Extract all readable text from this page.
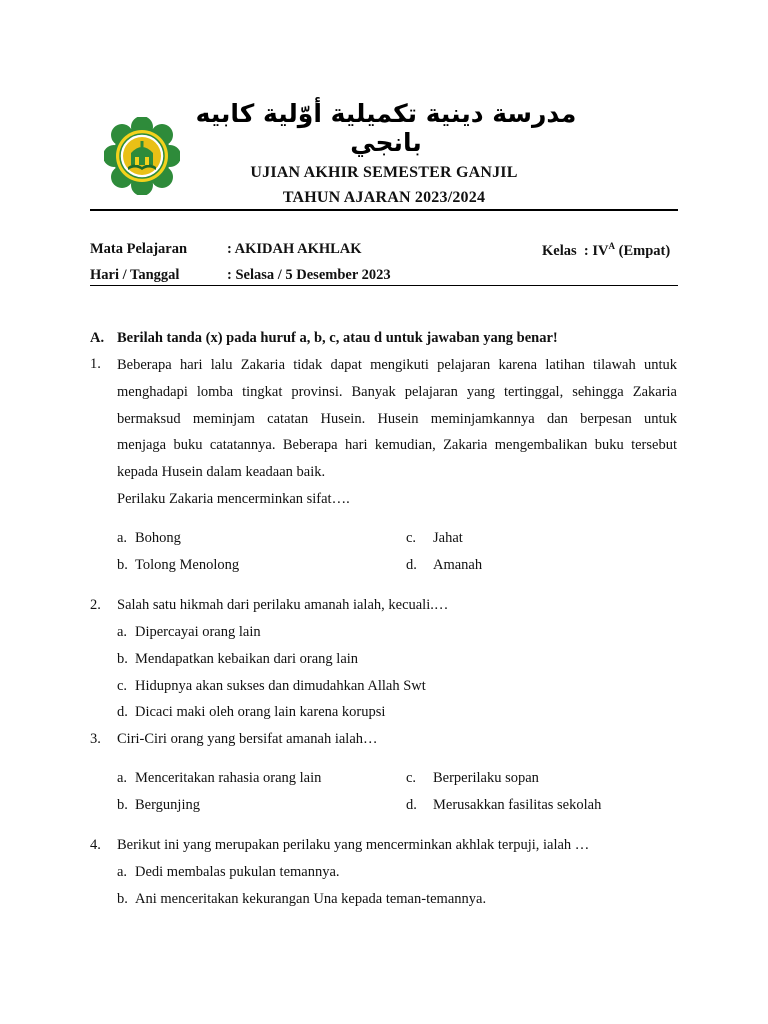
مدرسة دينية تكميلية أوّلية كابيه بانجي
UJIAN AKHIR SEMESTER GANJIL
TAHUN AJARAN 2023/2024
Mata Pelajaran	: AKIDAH AKHLAK	Kelas : $IV^A$ (Empat)
Hari / Tanggal	: Selasa / 5 Desember 2023
A. Berilah tanda (x) pada huruf a, b, c, atau d untuk jawaban yang benar!
1. Beberapa hari lalu Zakaria tidak dapat mengikuti pelajaran karena latihan tilawah untuk
menghadapi lomba tingkat provinsi. Banyak pelajaran yang tertinggal, sehingga Zakaria
bermaksud meminjam catatan Husein. Husein meminjamkannya dan berpesan untuk
menjaga buku catatannya. Beberapa hari kemudian, Zakaria mengembalikan buku tersebut
kepada Husein dalam keadaan baik.
Perilaku Zakaria mencerminkan sifat….
a. Bohong
b. Tolong Menolong
c. Jahat
d. Amanah
2. Salah satu hikmah dari perilaku amanah ialah, kecuali.…
a. Dipercayai orang lain
b. Mendapatkan kebaikan dari orang lain
c. Hidupnya akan sukses dan dimudahkan Allah Swt
d. Dicaci maki oleh orang lain karena korupsi
3. Ciri-Ciri orang yang bersifat amanah ialah…
a. Menceritakan rahasia orang lain
b. Bergunjing
c. Berperilaku sopan
d. Merusakkan fasilitas sekolah
4. Berikut ini yang merupakan perilaku yang mencerminkan akhlak terpuji, ialah …
a. Dedi membalas pukulan temannya.
b. Ani menceritakan kekurangan Una kepada teman-temannya.
